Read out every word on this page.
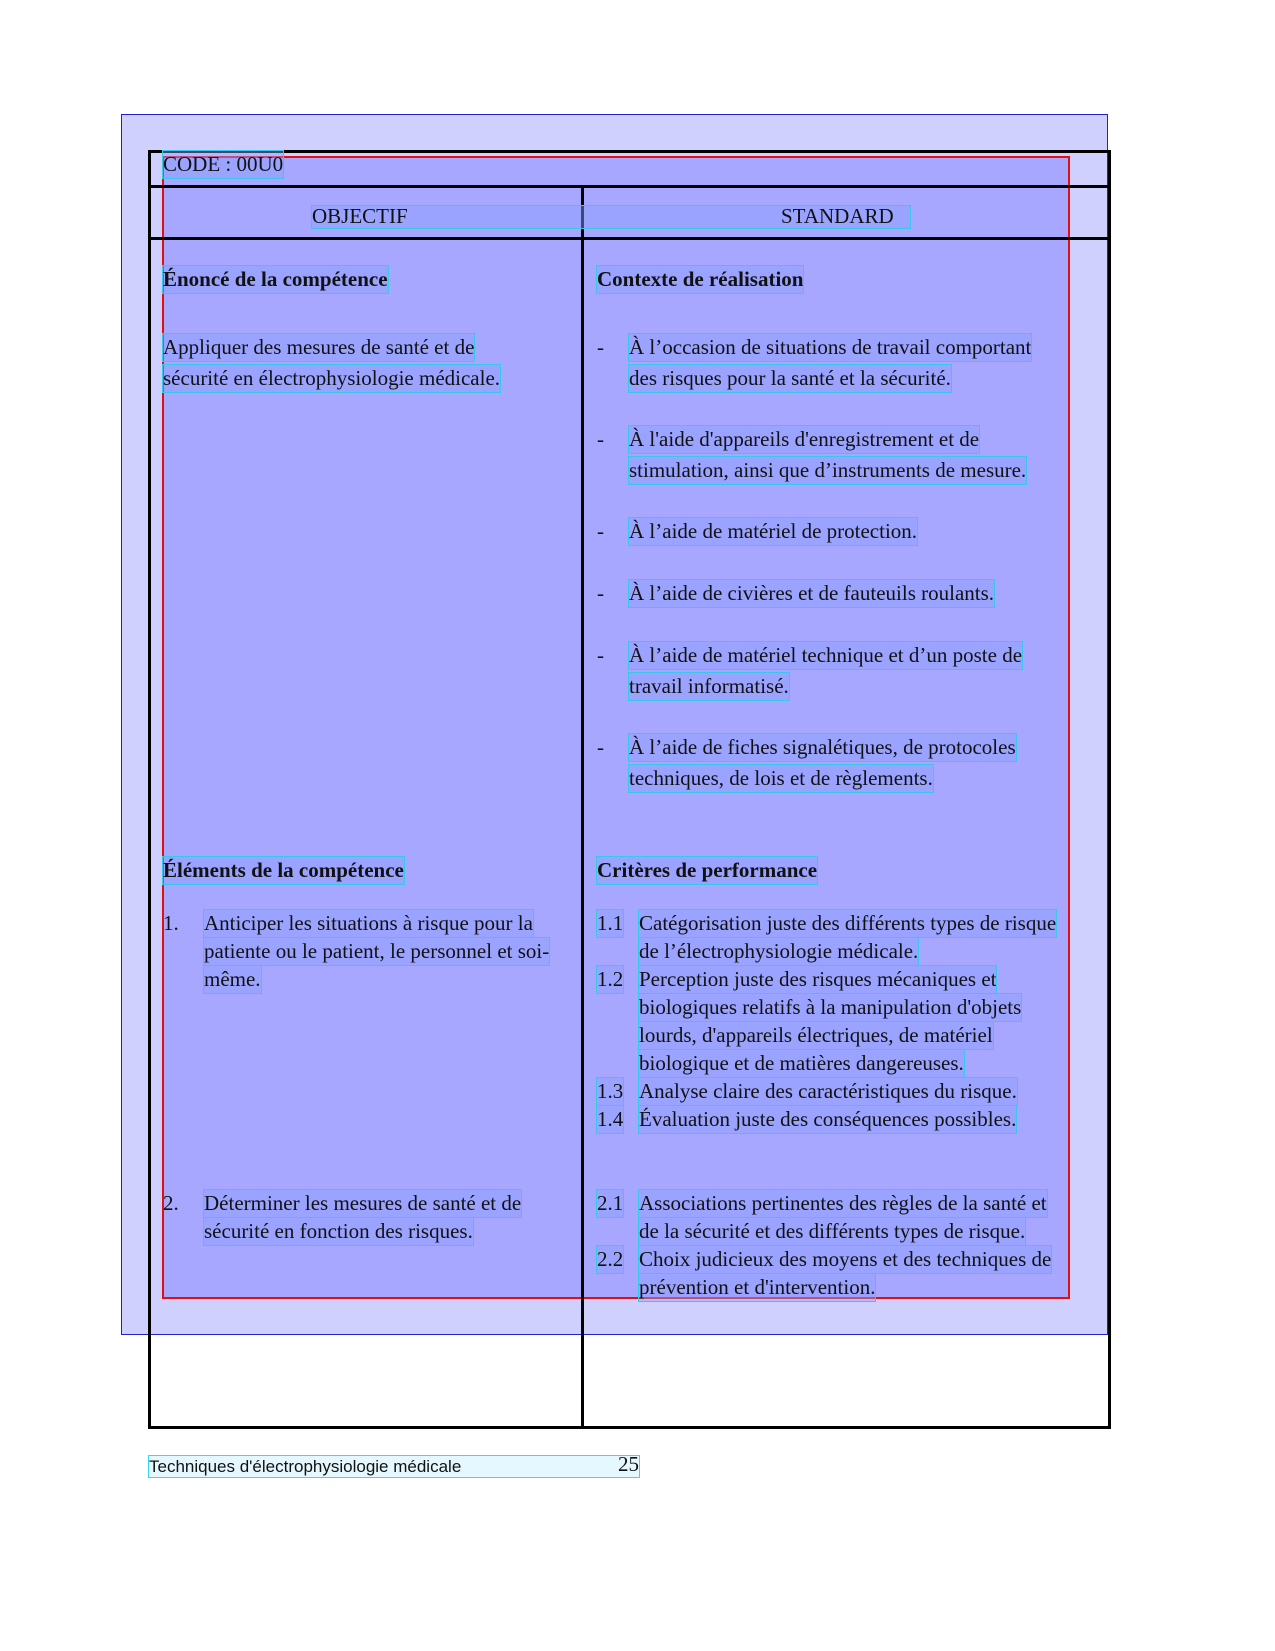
CODE : 00U0
OBJECTIF	STANDARD
Énoncé de la compétence
Appliquer des mesures de santé et de
sécurité en électrophysiologie médicale.
Contexte de réalisation
- À l’occasion de situations de travail comportant
des risques pour la santé et la sécurité.
- À l'aide d'appareils d'enregistrement et de
stimulation, ainsi que d’instruments de mesure.
- À l’aide de matériel de protection.
- À l’aide de civières et de fauteuils roulants.
- À l’aide de matériel technique et d’un poste de
travail informatisé.
- À l’aide de fiches signalétiques, de protocoles
techniques, de lois et de règlements.
Éléments de la compétence
1. Anticiper les situations à risque pour la
patiente ou le patient, le personnel et soi-
même.
2. Déterminer les mesures de santé et de
sécurité en fonction des risques.
Critères de performance
1.1 Catégorisation juste des différents types de risque
de l’électrophysiologie médicale.
1.2 Perception juste des risques mécaniques et
biologiques relatifs à la manipulation d'objets
lourds, d'appareils électriques, de matériel
biologique et de matières dangereuses.
1.3 Analyse claire des caractéristiques du risque.
1.4 Évaluation juste des conséquences possibles.
2.1 Associations pertinentes des règles de la santé et
de la sécurité et des différents types de risque.
2.2 Choix judicieux des moyens et des techniques de
prévention et d'intervention.
Techniques d'électrophysiologie médicale	25
